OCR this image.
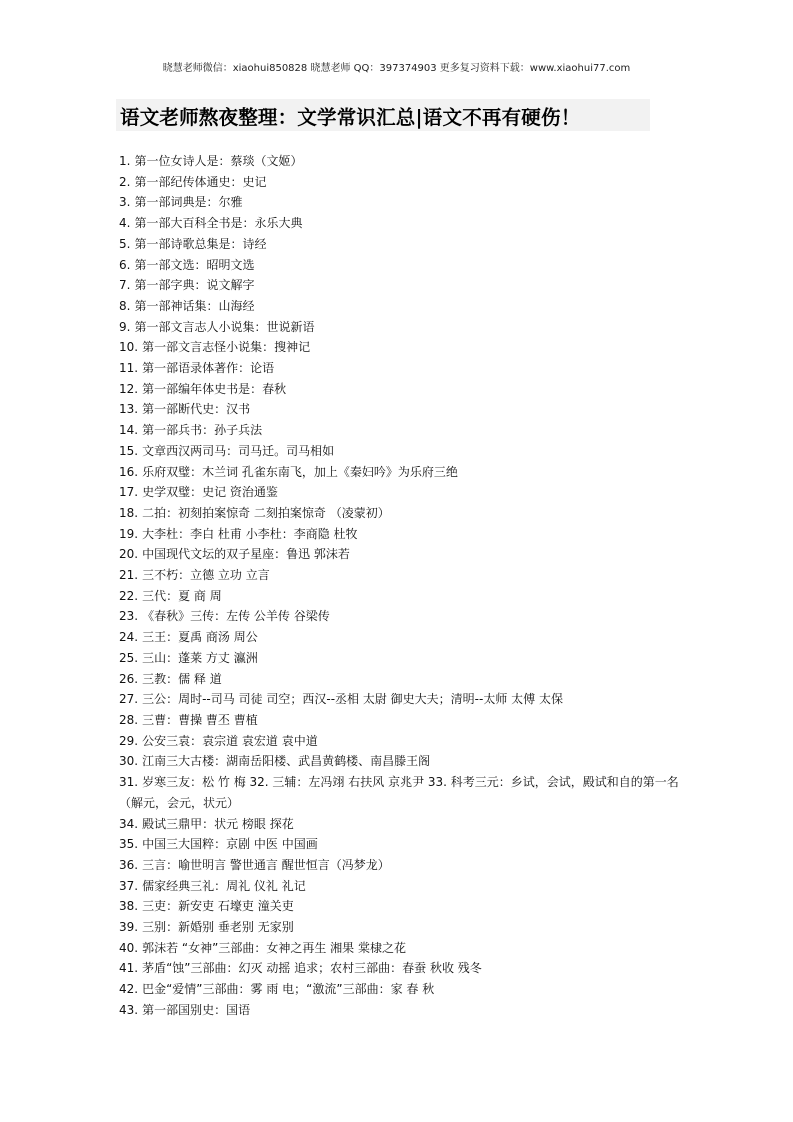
晓慧老师微信：xiaohui850828 晓慧老师 QQ：397374903 更多复习资料下载：www.xiaohui77.com
语文老师熬夜整理：文学常识汇总|语文不再有硬伤！
1. 第一位女诗人是：蔡琰（文姬）
2. 第一部纪传体通史：史记
3. 第一部词典是：尔雅
4. 第一部大百科全书是：永乐大典
5. 第一部诗歌总集是：诗经
6. 第一部文选：昭明文选
7. 第一部字典：说文解字
8. 第一部神话集：山海经
9. 第一部文言志人小说集：世说新语
10. 第一部文言志怪小说集：搜神记
11. 第一部语录体著作：论语
12. 第一部编年体史书是：春秋
13. 第一部断代史：汉书
14. 第一部兵书：孙子兵法
15. 文章西汉两司马：司马迁。司马相如
16. 乐府双璧：木兰词 孔雀东南飞，加上《秦妇吟》为乐府三绝
17. 史学双璧：史记 资治通鉴
18. 二拍：初刻拍案惊奇 二刻拍案惊奇 （凌蒙初）
19. 大李杜：李白 杜甫 小李杜：李商隐 杜牧
20. 中国现代文坛的双子星座：鲁迅 郭沫若
21. 三不朽：立德 立功 立言
22. 三代：夏 商 周
23. 《春秋》三传：左传 公羊传 谷梁传
24. 三王：夏禹 商汤 周公
25. 三山：蓬莱 方丈 瀛洲
26. 三教：儒 释 道
27. 三公：周时--司马 司徒 司空；西汉--丞相 太尉 御史大夫；清明--太师 太傅 太保
28. 三曹：曹操 曹丕 曹植
29. 公安三袁：袁宗道 袁宏道 袁中道
30. 江南三大古楼：湖南岳阳楼、武昌黄鹤楼、南昌滕王阁
31. 岁寒三友：松 竹 梅 32. 三辅：左冯翊 右扶风 京兆尹 33. 科考三元：乡试，会试，殿试和自的第一名（解元，会元，状元）
34. 殿试三鼎甲：状元 榜眼 探花
35. 中国三大国粹：京剧 中医 中国画
36. 三言：喻世明言 警世通言 醒世恒言（冯梦龙）
37. 儒家经典三礼：周礼 仪礼 礼记
38. 三吏：新安吏 石壕吏 潼关吏
39. 三别：新婚别 垂老别 无家别
40. 郭沫若 “女神”三部曲：女神之再生 湘果 棠棣之花
41. 茅盾“蚀”三部曲：幻灭 动摇 追求；农村三部曲：春蚕 秋收 残冬
42. 巴金“爱情”三部曲：雾 雨 电；“激流”三部曲：家 春 秋
43. 第一部国别史：国语
